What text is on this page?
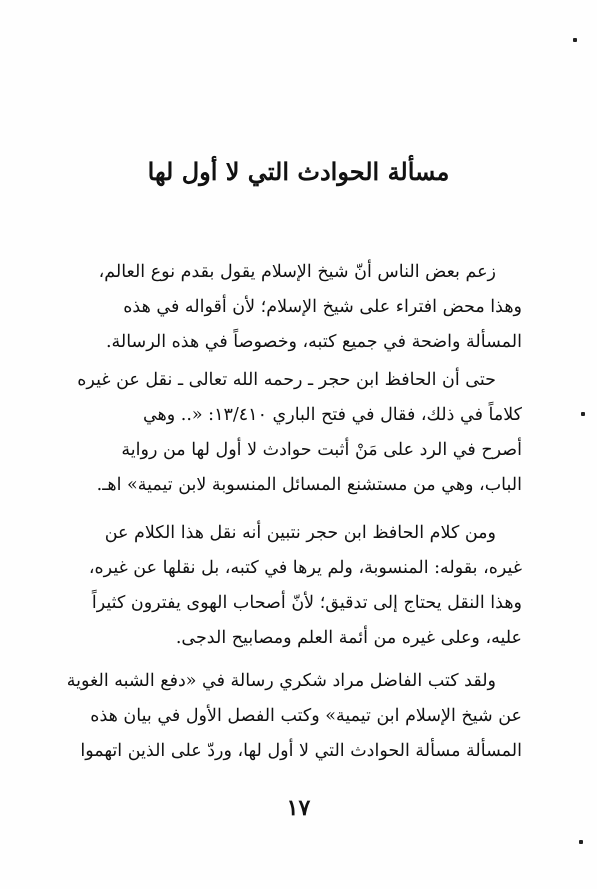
مسألة الحوادث التي لا أول لها

زعم بعض الناس أنّ شيخ الإسلام يقول بقدم نوع العالم،
وهذا محض افتراء على شيخ الإسلام؛ لأن أقواله في هذه
المسألة واضحة في جميع كتبه، وخصوصاً في هذه الرسالة.

حتى أن الحافظ ابن حجر ـ رحمه الله تعالى ـ نقل عن غيره
كلاماً في ذلك، فقال في فتح الباري ١٣/٤١٠: «.. وهي
أصرح في الرد على مَنْ أثبت حوادث لا أول لها من رواية
الباب، وهي من مستشنع المسائل المنسوبة لابن تيمية» اهـ.

ومن كلام الحافظ ابن حجر نتبين أنه نقل هذا الكلام عن
غيره، بقوله: المنسوبة، ولم يرها في كتبه، بل نقلها عن غيره،
وهذا النقل يحتاج إلى تدقيق؛ لأنّ أصحاب الهوى يفترون كثيراً
عليه، وعلى غيره من أئمة العلم ومصابيح الدجى.

ولقد كتب الفاضل مراد شكري رسالة في «دفع الشبه الغوية
عن شيخ الإسلام ابن تيمية» وكتب الفصل الأول في بيان هذه
المسألة مسألة الحوادث التي لا أول لها، وردّ على الذين اتهموا

١٧
